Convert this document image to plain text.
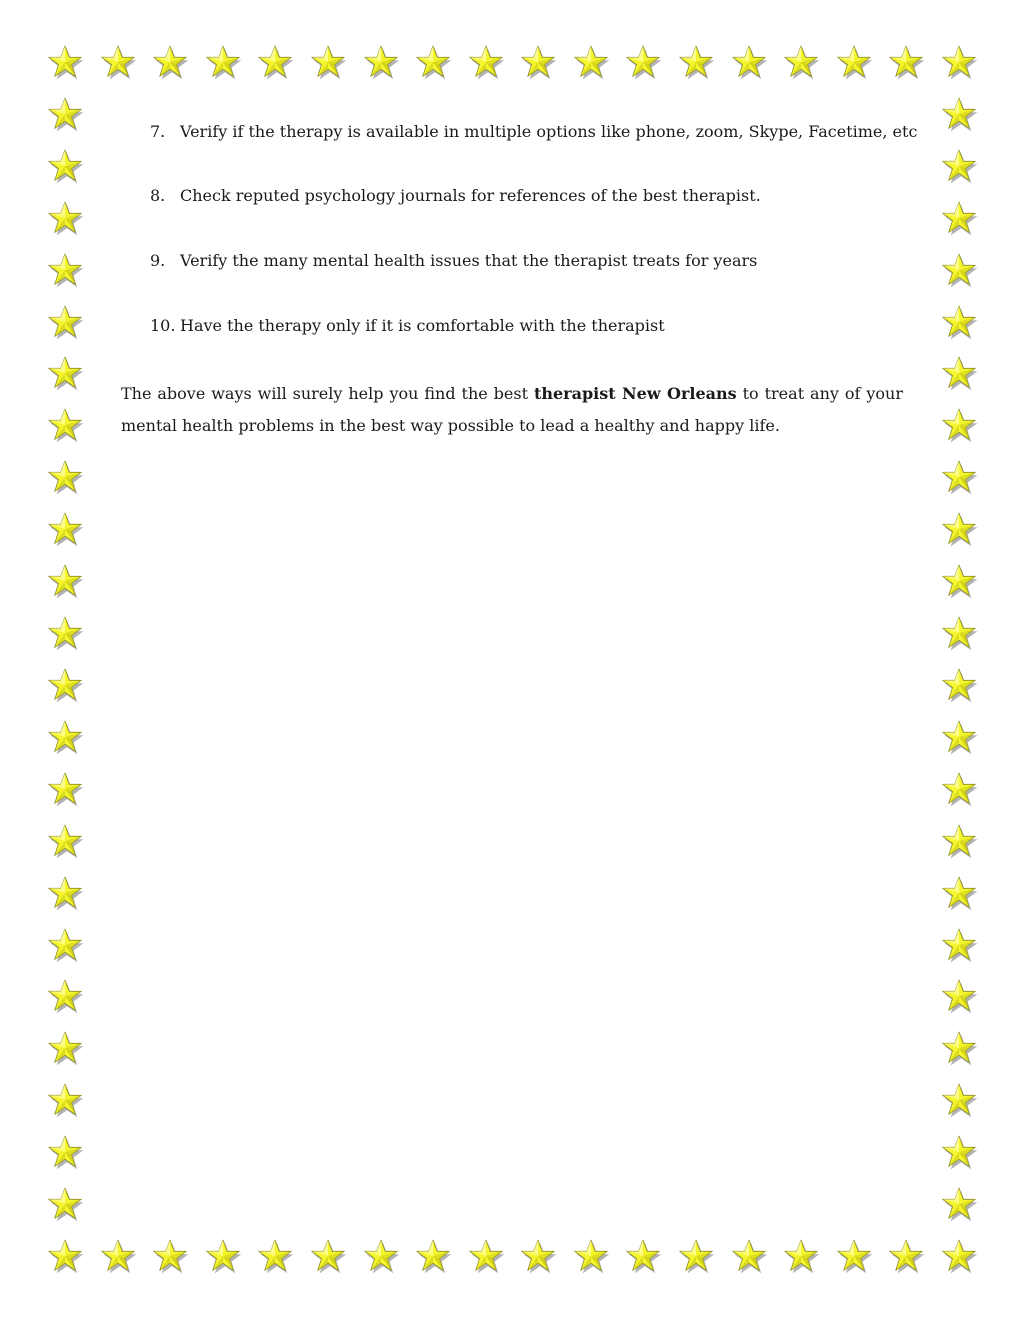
7. Verify if the therapy is available in multiple options like phone, zoom, Skype, Facetime, etc
8. Check reputed psychology journals for references of the best therapist.
9. Verify the many mental health issues that the therapist treats for years
10. Have the therapy only if it is comfortable with the therapist
The above ways will surely help you find the best therapist New Orleans to treat any of your mental health problems in the best way possible to lead a healthy and happy life.
